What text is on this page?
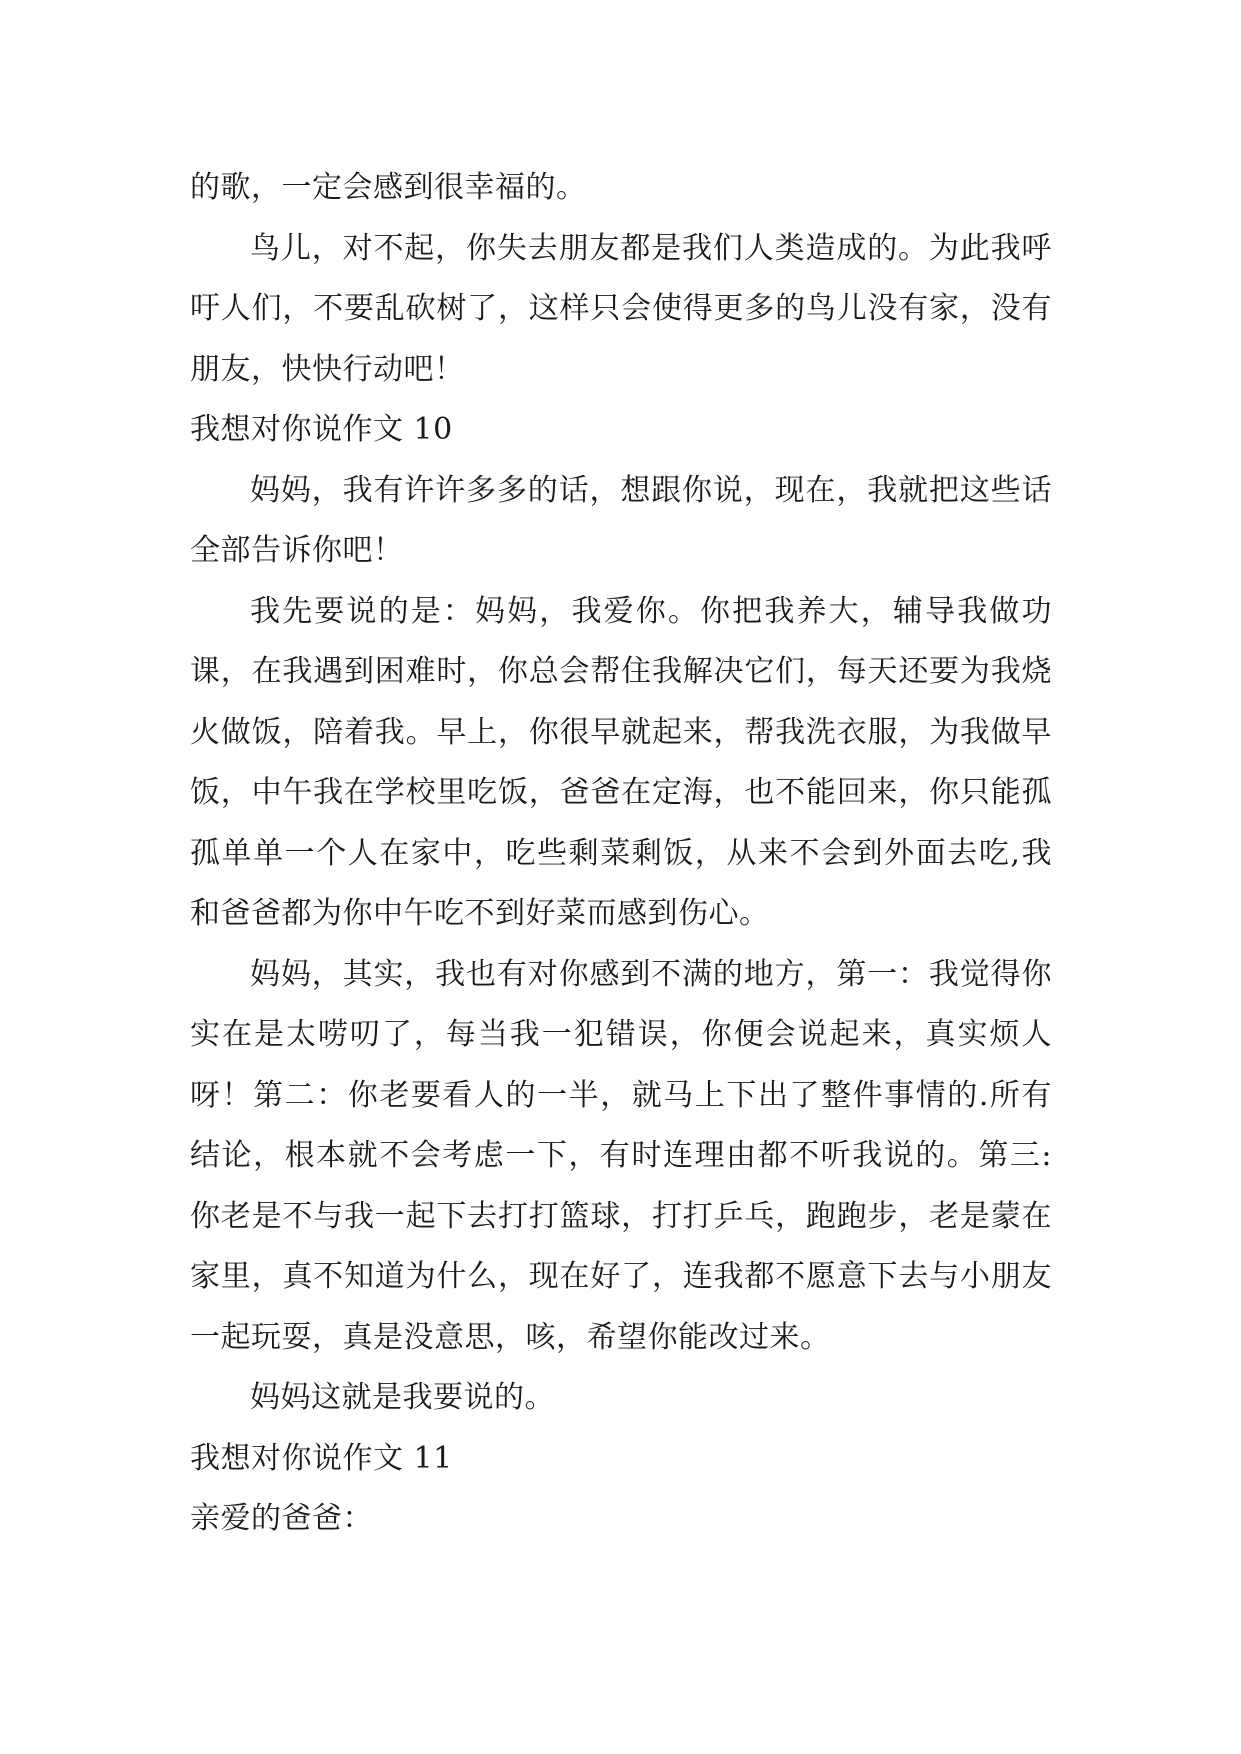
的歌，一定会感到很幸福的。

鸟儿，对不起，你失去朋友都是我们人类造成的。为此我呼吁人们，不要乱砍树了，这样只会使得更多的鸟儿没有家，没有朋友，快快行动吧！

我想对你说作文 10

妈妈，我有许许多多的话，想跟你说，现在，我就把这些话全部告诉你吧！

我先要说的是：妈妈，我爱你。你把我养大，辅导我做功课，在我遇到困难时，你总会帮住我解决它们，每天还要为我烧火做饭，陪着我。早上，你很早就起来，帮我洗衣服，为我做早饭，中午我在学校里吃饭，爸爸在定海，也不能回来，你只能孤孤单单一个人在家中，吃些剩菜剩饭，从来不会到外面去吃,我和爸爸都为你中午吃不到好菜而感到伤心。

妈妈，其实，我也有对你感到不满的地方，第一：我觉得你实在是太唠叨了，每当我一犯错误，你便会说起来，真实烦人呀！第二：你老要看人的一半，就马上下出了整件事情的.所有结论，根本就不会考虑一下，有时连理由都不听我说的。第三:你老是不与我一起下去打打篮球，打打乒乓，跑跑步，老是蒙在家里，真不知道为什么，现在好了，连我都不愿意下去与小朋友一起玩耍，真是没意思，咳，希望你能改过来。

妈妈这就是我要说的。

我想对你说作文 11

亲爱的爸爸：
